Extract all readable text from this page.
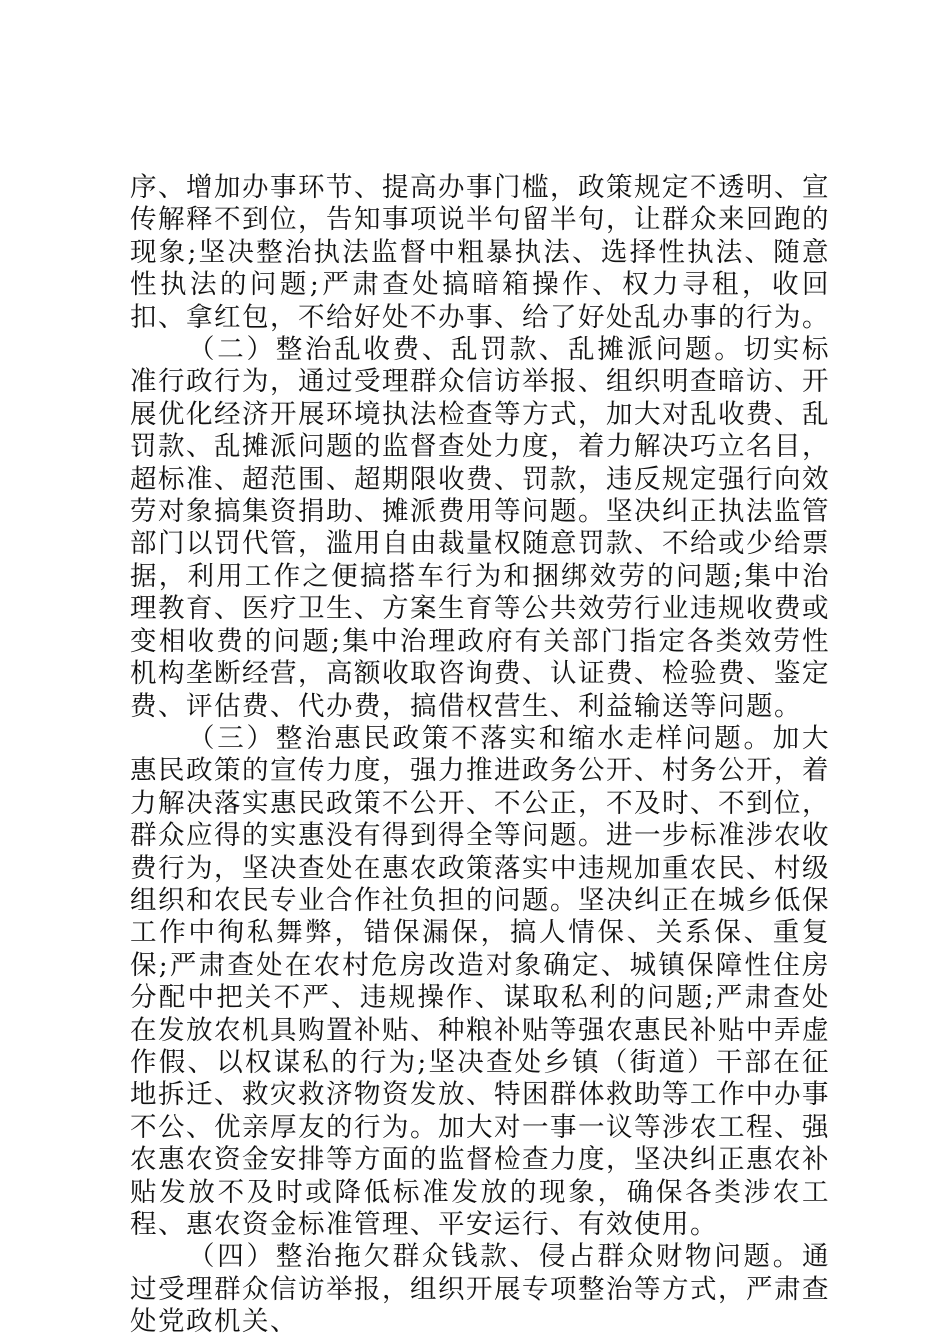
序、增加办事环节、提高办事门槛，政策规定不透明、宣传解释不到位，告知事项说半句留半句，让群众来回跑的现象;坚决整治执法监督中粗暴执法、选择性执法、随意性执法的问题;严肃查处搞暗箱操作、权力寻租，收回扣、拿红包，不给好处不办事、给了好处乱办事的行为。

（二）整治乱收费、乱罚款、乱摊派问题。切实标准行政行为，通过受理群众信访举报、组织明查暗访、开展优化经济开展环境执法检查等方式，加大对乱收费、乱罚款、乱摊派问题的监督查处力度，着力解决巧立名目，超标准、超范围、超期限收费、罚款，违反规定强行向效劳对象搞集资捐助、摊派费用等问题。坚决纠正执法监管部门以罚代管，滥用自由裁量权随意罚款、不给或少给票据，利用工作之便搞搭车行为和捆绑效劳的问题;集中治理教育、医疗卫生、方案生育等公共效劳行业违规收费或变相收费的问题;集中治理政府有关部门指定各类效劳性机构垄断经营，高额收取咨询费、认证费、检验费、鉴定费、评估费、代办费，搞借权营生、利益输送等问题。

（三）整治惠民政策不落实和缩水走样问题。加大惠民政策的宣传力度，强力推进政务公开、村务公开，着力解决落实惠民政策不公开、不公正，不及时、不到位，群众应得的实惠没有得到得全等问题。进一步标准涉农收费行为，坚决查处在惠农政策落实中违规加重农民、村级组织和农民专业合作社负担的问题。坚决纠正在城乡低保工作中徇私舞弊，错保漏保，搞人情保、关系保、重复保;严肃查处在农村危房改造对象确定、城镇保障性住房分配中把关不严、违规操作、谋取私利的问题;严肃查处在发放农机具购置补贴、种粮补贴等强农惠民补贴中弄虚作假、以权谋私的行为;坚决查处乡镇（街道）干部在征地拆迁、救灾救济物资发放、特困群体救助等工作中办事不公、优亲厚友的行为。加大对一事一议等涉农工程、强农惠农资金安排等方面的监督检查力度，坚决纠正惠农补贴发放不及时或降低标准发放的现象，确保各类涉农工程、惠农资金标准管理、平安运行、有效使用。

（四）整治拖欠群众钱款、侵占群众财物问题。通过受理群众信访举报，组织开展专项整治等方式，严肃查处党政机关、
